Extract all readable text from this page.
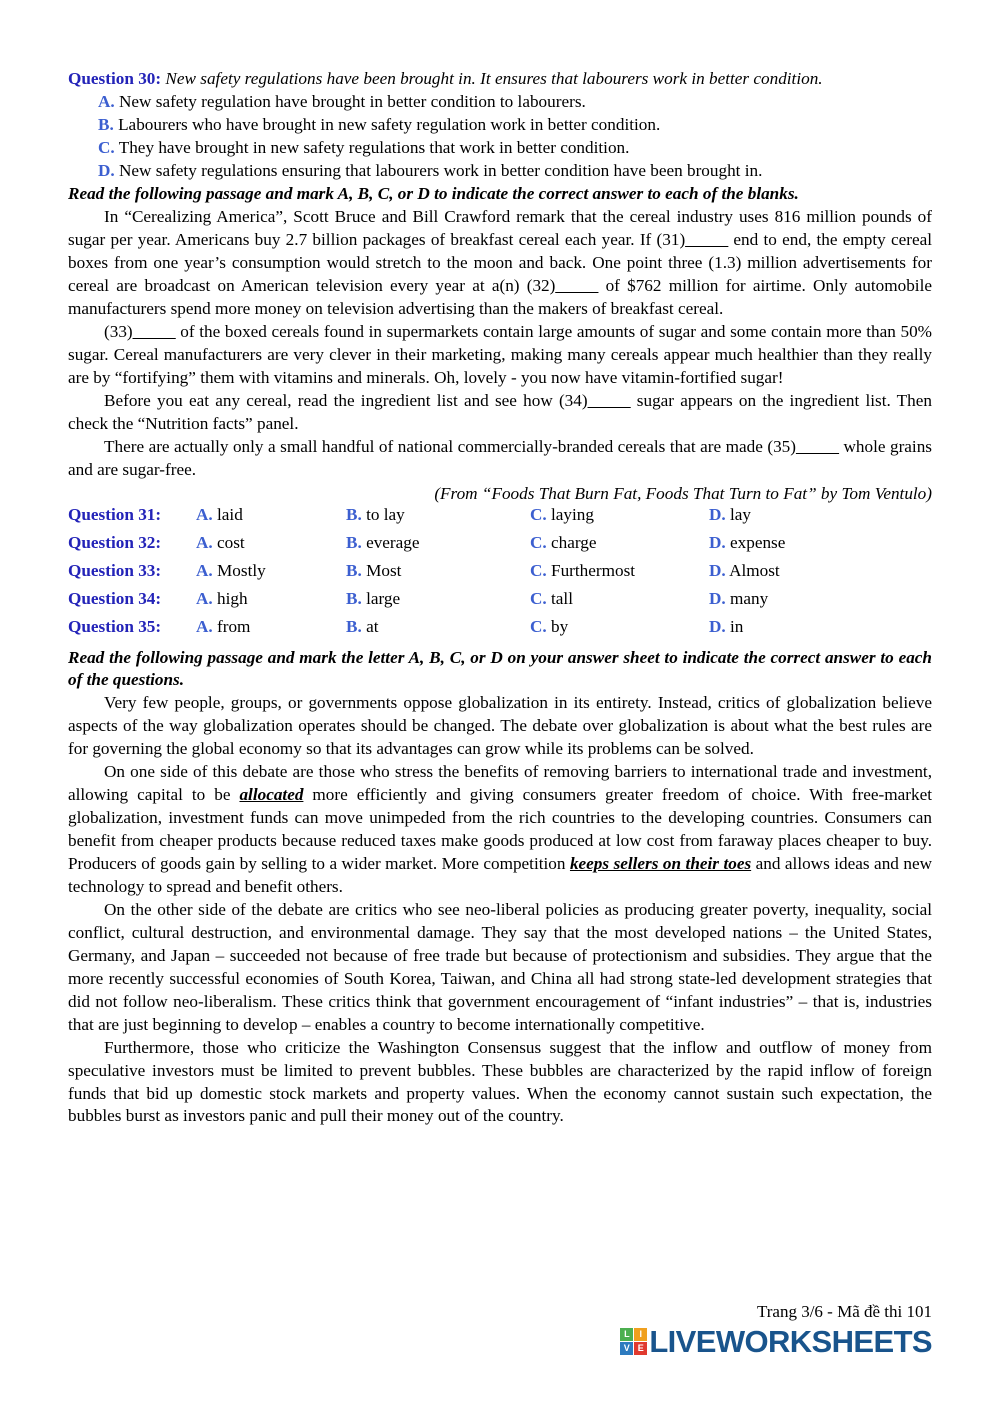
Question 30: New safety regulations have been brought in. It ensures that labourers work in better condition.
A. New safety regulation have brought in better condition to labourers.
B. Labourers who have brought in new safety regulation work in better condition.
C. They have brought in new safety regulations that work in better condition.
D. New safety regulations ensuring that labourers work in better condition have been brought in.
Read the following passage and mark A, B, C, or D to indicate the correct answer to each of the blanks.

In “Cerealizing America”, Scott Bruce and Bill Crawford remark that the cereal industry uses 816 million pounds of sugar per year. Americans buy 2.7 billion packages of breakfast cereal each year. If (31)_____ end to end, the empty cereal boxes from one year’s consumption would stretch to the moon and back. One point three (1.3) million advertisements for cereal are broadcast on American television every year at a(n) (32)_____ of $762 million for airtime. Only automobile manufacturers spend more money on television advertising than the makers of breakfast cereal.

(33)_____ of the boxed cereals found in supermarkets contain large amounts of sugar and some contain more than 50% sugar. Cereal manufacturers are very clever in their marketing, making many cereals appear much healthier than they really are by “fortifying” them with vitamins and minerals. Oh, lovely - you now have vitamin-fortified sugar!

Before you eat any cereal, read the ingredient list and see how (34)_____ sugar appears on the ingredient list. Then check the “Nutrition facts” panel.

There are actually only a small handful of national commercially-branded cereals that are made (35)_____ whole grains and are sugar-free.

(From “Foods That Burn Fat, Foods That Turn to Fat” by Tom Ventulo)
Question 31: A. laid	B. to lay	C. laying	D. lay
Question 32: A. cost	B. everage	C. charge	D. expense
Question 33: A. Mostly	B. Most	C. Furthermost	D. Almost
Question 34: A. high	B. large	C. tall	D. many
Question 35: A. from	B. at	C. by	D. in
Read the following passage and mark the letter A, B, C, or D on your answer sheet to indicate the correct answer to each of the questions.

Very few people, groups, or governments oppose globalization in its entirety. Instead, critics of globalization believe aspects of the way globalization operates should be changed. The debate over globalization is about what the best rules are for governing the global economy so that its advantages can grow while its problems can be solved.

On one side of this debate are those who stress the benefits of removing barriers to international trade and investment, allowing capital to be allocated more efficiently and giving consumers greater freedom of choice. With free-market globalization, investment funds can move unimpeded from the rich countries to the developing countries. Consumers can benefit from cheaper products because reduced taxes make goods produced at low cost from faraway places cheaper to buy. Producers of goods gain by selling to a wider market. More competition keeps sellers on their toes and allows ideas and new technology to spread and benefit others.

On the other side of the debate are critics who see neo-liberal policies as producing greater poverty, inequality, social conflict, cultural destruction, and environmental damage. They say that the most developed nations – the United States, Germany, and Japan – succeeded not because of free trade but because of protectionism and subsidies. They argue that the more recently successful economies of South Korea, Taiwan, and China all had strong state-led development strategies that did not follow neo-liberalism. These critics think that government encouragement of “infant industries” – that is, industries that are just beginning to develop – enables a country to become internationally competitive.

Furthermore, those who criticize the Washington Consensus suggest that the inflow and outflow of money from speculative investors must be limited to prevent bubbles. These bubbles are characterized by the rapid inflow of foreign funds that bid up domestic stock markets and property values. When the economy cannot sustain such expectation, the bubbles burst as investors panic and pull their money out of the country.

Trang 3/6 - Mã đề thi 101
L	I
V E LIVEWORKSHEETS
